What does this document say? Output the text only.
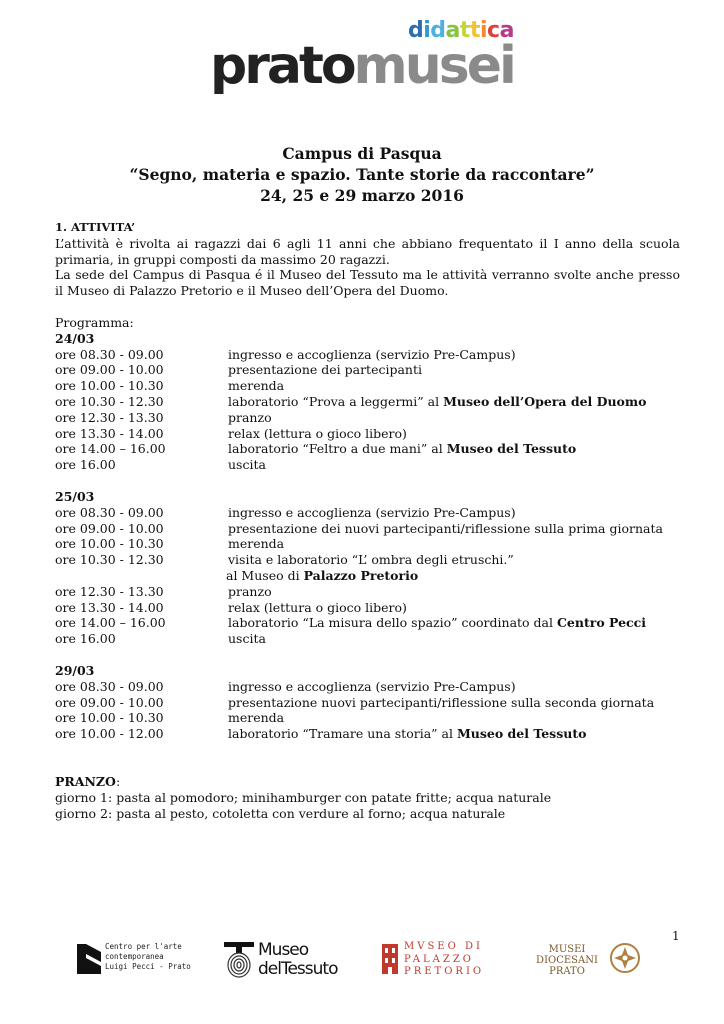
didattica
pratomusei
Campus di Pasqua
“Segno, materia e spazio. Tante storie da raccontare”
24, 25 e 29 marzo 2016
1. ATTIVITA’
L’attività è rivolta ai ragazzi dai 6 agli 11 anni che abbiano frequentato il I anno della scuola primaria, in gruppi composti da massimo 20 ragazzi.
La sede del Campus di Pasqua é il Museo del Tessuto ma le attività verranno svolte anche presso il Museo di Palazzo Pretorio e il Museo dell’Opera del Duomo.
Programma:
24/03
ore 08.30 - 09.00	ingresso e accoglienza (servizio Pre-Campus)
ore 09.00 - 10.00	presentazione dei partecipanti
ore 10.00 - 10.30	merenda
ore 10.30 - 12.30	laboratorio “Prova a leggermi” al Museo dell’Opera del Duomo
ore 12.30 - 13.30	pranzo
ore 13.30 - 14.00	relax (lettura o gioco libero)
ore 14.00 – 16.00	laboratorio “Feltro a due mani” al Museo del Tessuto
ore 16.00	uscita
25/03
ore 08.30 - 09.00	ingresso e accoglienza (servizio Pre-Campus)
ore 09.00 - 10.00	presentazione dei nuovi partecipanti/riflessione sulla prima giornata
ore 10.00 - 10.30	merenda
ore 10.30 - 12.30	visita e laboratorio “L’ ombra degli etruschi.”
al Museo di Palazzo Pretorio
ore 12.30 - 13.30	pranzo
ore 13.30 - 14.00	relax (lettura o gioco libero)
ore 14.00 – 16.00	laboratorio “La misura dello spazio” coordinato dal Centro Pecci
ore 16.00	uscita
29/03
ore 08.30 - 09.00	ingresso e accoglienza (servizio Pre-Campus)
ore 09.00 - 10.00	presentazione nuovi partecipanti/riflessione sulla seconda giornata
ore 10.00 - 10.30	merenda
ore 10.00 - 12.00	laboratorio “Tramare una storia” al Museo del Tessuto
PRANZO:
giorno 1: pasta al pomodoro; minihamburger con patate fritte; acqua naturale
giorno 2: pasta al pesto, cotoletta con verdure al forno; acqua naturale
1
Centro per l'arte
contemporanea
Luigi Pecci - Prato
Museo
delTessuto
MVSEO DI
PALAZZO
PRETORIO
MUSEI
DIOCESANI
PRATO
